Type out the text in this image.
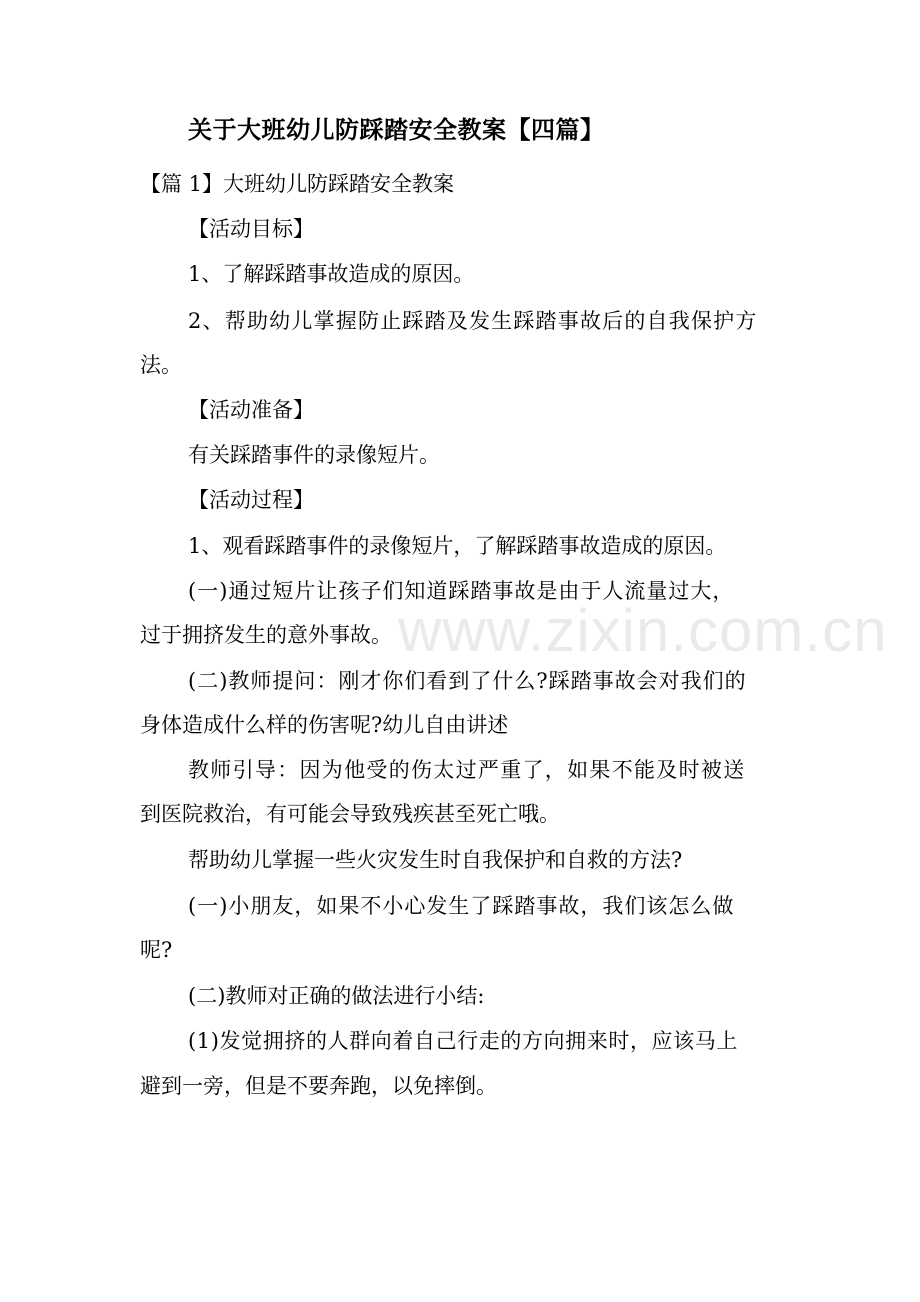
关于大班幼儿防踩踏安全教案【四篇】
【篇 1】大班幼儿防踩踏安全教案
【活动目标】
1、了解踩踏事故造成的原因。
2、帮助幼儿掌握防止踩踏及发生踩踏事故后的自我保护方
法。
【活动准备】
有关踩踏事件的录像短片。
【活动过程】
1、观看踩踏事件的录像短片，了解踩踏事故造成的原因。
(一)通过短片让孩子们知道踩踏事故是由于人流量过大，
过于拥挤发生的意外事故。
(二)教师提问：刚才你们看到了什么?踩踏事故会对我们的
身体造成什么样的伤害呢?幼儿自由讲述
教师引导：因为他受的伤太过严重了，如果不能及时被送
到医院救治，有可能会导致残疾甚至死亡哦。
帮助幼儿掌握一些火灾发生时自我保护和自救的方法?
(一)小朋友，如果不小心发生了踩踏事故，我们该怎么做
呢?
(二)教师对正确的做法进行小结:
(1)发觉拥挤的人群向着自己行走的方向拥来时，应该马上
避到一旁，但是不要奔跑，以免摔倒。
www.zixin.com.cn
